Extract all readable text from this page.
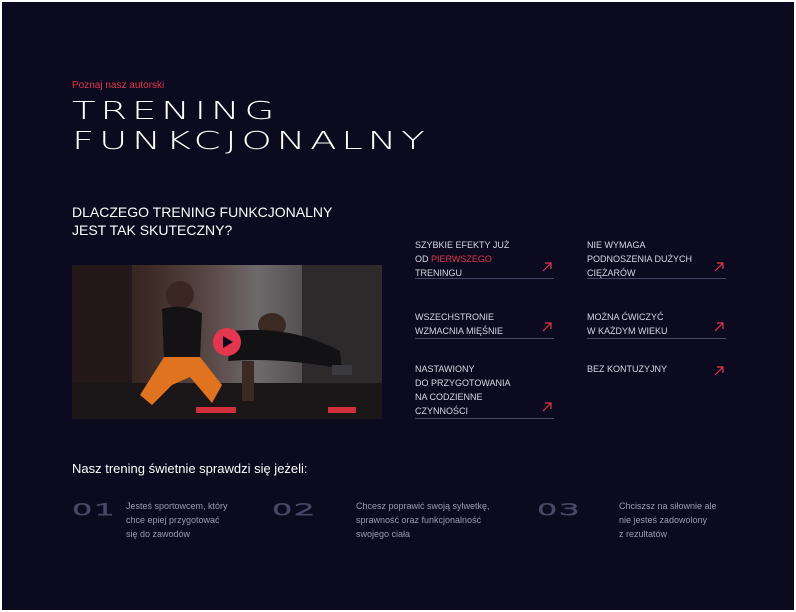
Poznaj nasz autorski
TRENING
FUNKCJONALNY
DLACZEGO TRENING FUNKCJONALNY
JEST TAK SKUTECZNY?
SZYBKIE EFEKTY JUŻ
OD PIERWSZEGO
TRENINGU
NIE WYMAGA
PODNOSZENIA DUŻYCH
CIĘŻARÓW
WSZECHSTRONIE
WZMACNIA MIĘŚNIE
MOŻNA ĆWICZYĆ
W KAŻDYM WIEKU
NASTAWIONY
DO PRZYGOTOWANIA
NA CODZIENNE
CZYNNOŚCI
BEZ KONTUZYJNY
Nasz trening świetnie sprawdzi się jeżeli:
01 Jesteś sportowcem, który
chce epiej przygotować
się do zawodów
02	Chcesz poprawić swoją sylwetkę,
sprawność oraz funkcjonalność
swojego ciała
03	Chciszsz na siłownie ale
nie jesteś zadowolony
z rezultatów
